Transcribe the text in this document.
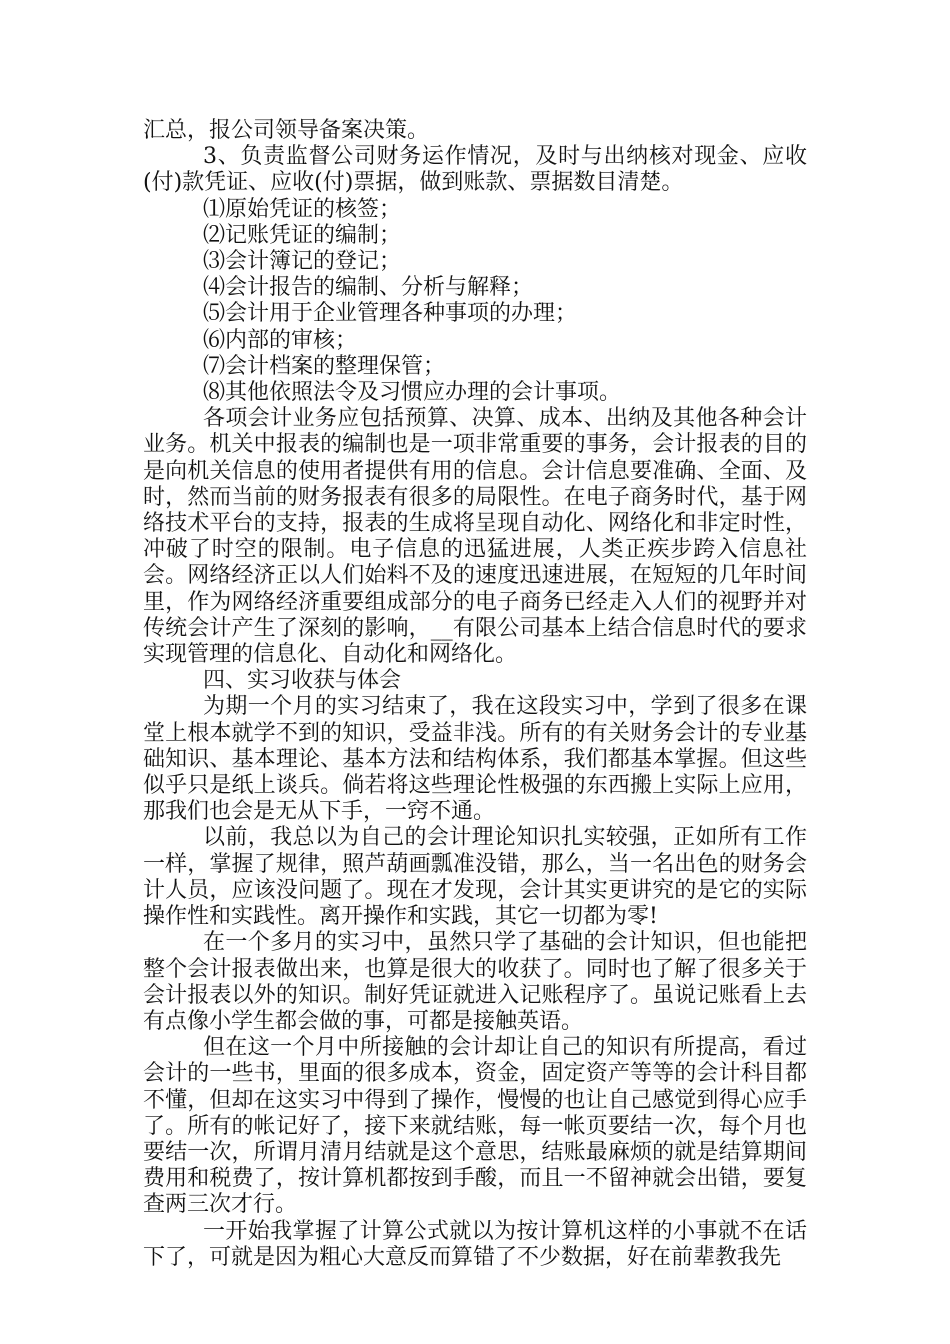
汇总，报公司领导备案决策。

3、负责监督公司财务运作情况，及时与出纳核对现金、应收(付)款凭证、应收(付)票据，做到账款、票据数目清楚。

⑴原始凭证的核签；

⑵记账凭证的编制；

⑶会计簿记的登记；

⑷会计报告的编制、分析与解释；

⑸会计用于企业管理各种事项的办理；

⑹内部的审核；

⑺会计档案的整理保管；

⑻其他依照法令及习惯应办理的会计事项。

各项会计业务应包括预算、决算、成本、出纳及其他各种会计业务。机关中报表的编制也是一项非常重要的事务，会计报表的目的是向机关信息的使用者提供有用的信息。会计信息要准确、全面、及时，然而当前的财务报表有很多的局限性。在电子商务时代，基于网络技术平台的支持，报表的生成将呈现自动化、网络化和非定时性，冲破了时空的限制。电子信息的迅猛进展，人类正疾步跨入信息社会。网络经济正以人们始料不及的速度迅速进展，在短短的几年时间里，作为网络经济重要组成部分的电子商务已经走入人们的视野并对传统会计产生了深刻的影响，__有限公司基本上结合信息时代的要求实现管理的信息化、自动化和网络化。

四、实习收获与体会

为期一个月的实习结束了，我在这段实习中，学到了很多在课堂上根本就学不到的知识，受益非浅。所有的有关财务会计的专业基础知识、基本理论、基本方法和结构体系，我们都基本掌握。但这些似乎只是纸上谈兵。倘若将这些理论性极强的东西搬上实际上应用，那我们也会是无从下手，一窍不通。

以前，我总以为自己的会计理论知识扎实较强，正如所有工作一样，掌握了规律，照芦葫画瓢准没错，那么，当一名出色的财务会计人员，应该没问题了。现在才发现，会计其实更讲究的是它的实际操作性和实践性。离开操作和实践，其它一切都为零!

在一个多月的实习中，虽然只学了基础的会计知识，但也能把整个会计报表做出来，也算是很大的收获了。同时也了解了很多关于会计报表以外的知识。制好凭证就进入记账程序了。虽说记账看上去有点像小学生都会做的事，可都是接触英语。

但在这一个月中所接触的会计却让自己的知识有所提高，看过会计的一些书，里面的很多成本，资金，固定资产等等的会计科目都不懂，但却在这实习中得到了操作，慢慢的也让自己感觉到得心应手了。所有的帐记好了，接下来就结账，每一帐页要结一次，每个月也要结一次，所谓月清月结就是这个意思，结账最麻烦的就是结算期间费用和税费了，按计算机都按到手酸，而且一不留神就会出错，要复查两三次才行。

一开始我掌握了计算公式就以为按计算机这样的小事就不在话下了，可就是因为粗心大意反而算错了不少数据，好在前辈教我先
